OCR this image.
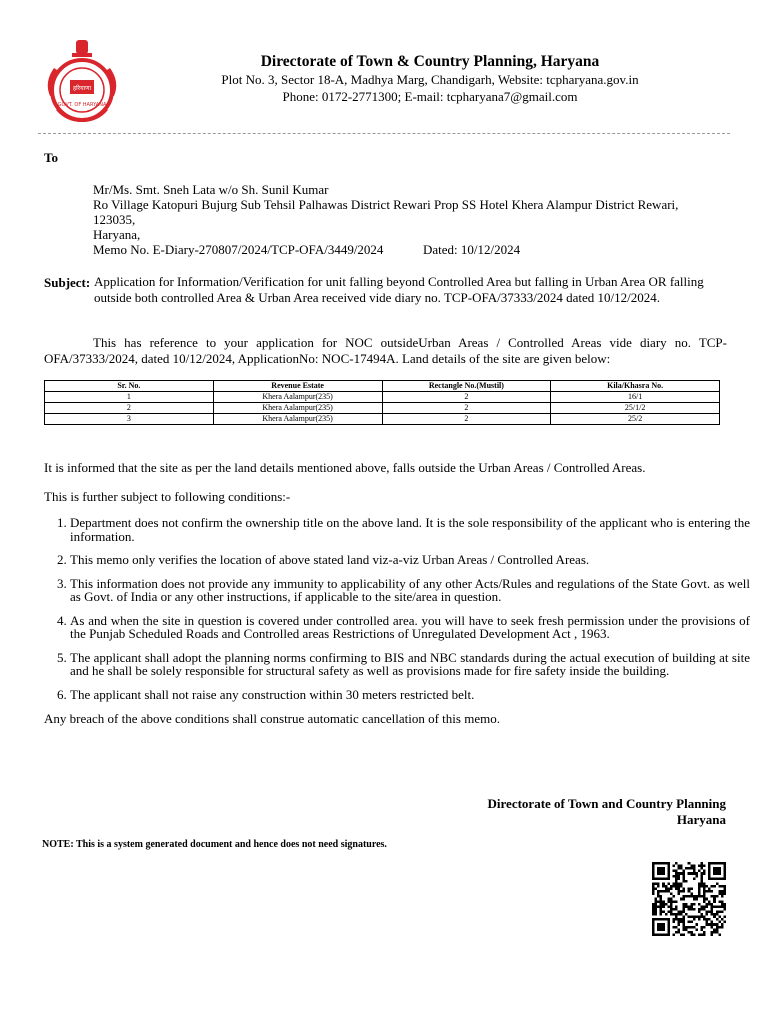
हरियाणा
GOVT. OF HARYANA
Directorate of Town & Country Planning, Haryana
Plot No. 3, Sector 18-A, Madhya Marg, Chandigarh, Website: tcpharyana.gov.in
Phone: 0172-2771300; E-mail: tcpharyana7@gmail.com
To
Mr/Ms. Smt. Sneh Lata w/o Sh. Sunil Kumar
Ro Village Katopuri Bujurg Sub Tehsil Palhawas District Rewari Prop SS Hotel Khera Alampur District Rewari,
123035,
Haryana,
Memo No. E-Diary-270807/2024/TCP-OFA/3449/2024	Dated: 10/12/2024
Subject: Application for Information/Verification for unit falling beyond Controlled Area but falling in Urban Area OR falling outside both controlled Area & Urban Area received vide diary no. TCP-OFA/37333/2024 dated 10/12/2024.
This has reference to your application for NOC outsideUrban Areas / Controlled Areas vide diary no. TCP-OFA/37333/2024, dated 10/12/2024, ApplicationNo: NOC-17494A. Land details of the site are given below:
Sr. No.	Revenue Estate	Rectangle No.(Mustil)	Kila/Khasra No.
1	Khera Aalampur(235)	2	16/1
2	Khera Aalampur(235)	2	25/1/2
3	Khera Aalampur(235)	2	25/2
It is informed that the site as per the land details mentioned above, falls outside the Urban Areas / Controlled Areas.
This is further subject to following conditions:-
1. Department does not confirm the ownership title on the above land. It is the sole responsibility of the applicant who is entering the information.
2. This memo only verifies the location of above stated land viz-a-viz Urban Areas / Controlled Areas.
3. This information does not provide any immunity to applicability of any other Acts/Rules and regulations of the State Govt. as well as Govt. of India or any other instructions, if applicable to the site/area in question.
4. As and when the site in question is covered under controlled area. you will have to seek fresh permission under the provisions of the Punjab Scheduled Roads and Controlled areas Restrictions of Unregulated Development Act , 1963.
5. The applicant shall adopt the planning norms confirming to BIS and NBC standards during the actual execution of building at site and he shall be solely responsible for structural safety as well as provisions made for fire safety inside the building.
6. The applicant shall not raise any construction within 30 meters restricted belt.
Any breach of the above conditions shall construe automatic cancellation of this memo.
Directorate of Town and Country Planning
Haryana
NOTE: This is a system generated document and hence does not need signatures.
